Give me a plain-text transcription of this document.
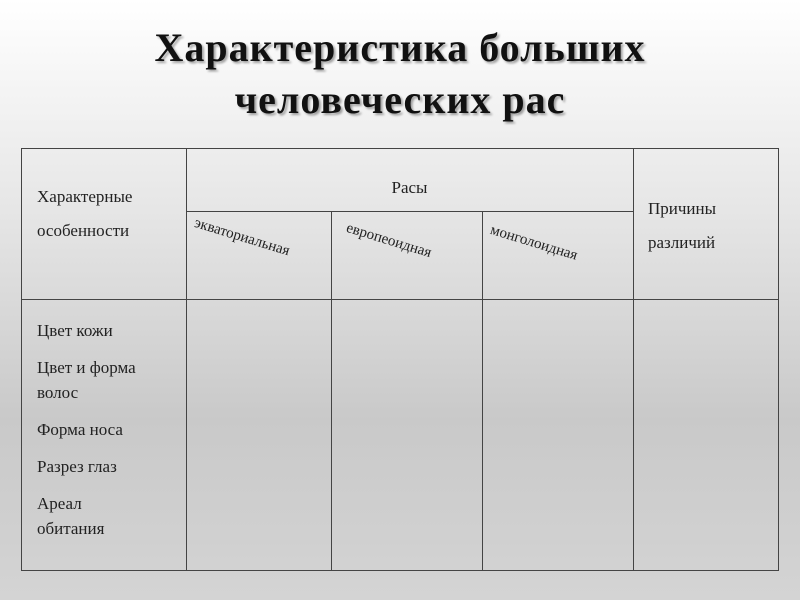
Характеристика больших
человеческих рас
Характерные
особенности
Расы
экваториальная	европеоидная	монголоидная
Причины
различий
Цвет кожи
Цвет и форма волос
Форма носа
Разрез глаз
Ареал обитания
